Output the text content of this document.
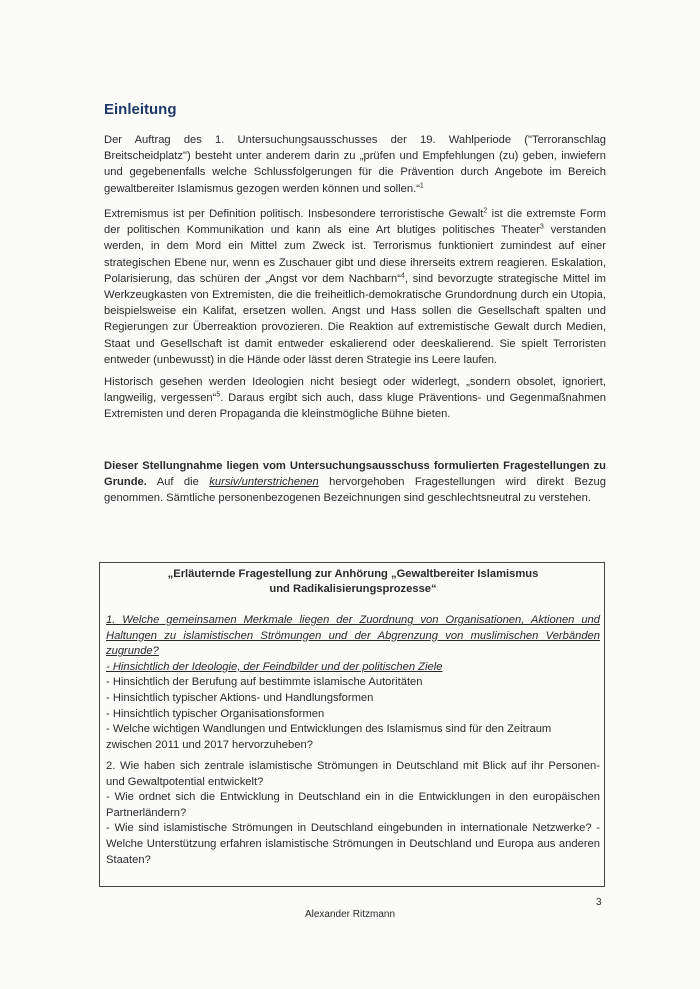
Einleitung

Der Auftrag des 1. Untersuchungsausschusses der 19. Wahlperiode ("Terroranschlag Breitscheidplatz") besteht unter anderem darin zu „prüfen und Empfehlungen (zu) geben, inwiefern und gegebenenfalls welche Schlussfolgerungen für die Prävention durch Angebote im Bereich gewaltbereiter Islamismus gezogen werden können und sollen.“$^1$

Extremismus ist per Definition politisch. Insbesondere terroristische Gewalt$^2$ ist die extremste Form der politischen Kommunikation und kann als eine Art blutiges politisches Theater$^3$ verstanden werden, in dem Mord ein Mittel zum Zweck ist. Terrorismus funktioniert zumindest auf einer strategischen Ebene nur, wenn es Zuschauer gibt und diese ihrerseits extrem reagieren. Eskalation, Polarisierung, das schüren der „Angst vor dem Nachbarn“$^4$, sind bevorzugte strategische Mittel im Werkzeugkasten von Extremisten, die die freiheitlich-demokratische Grundordnung durch ein Utopia, beispielsweise ein Kalifat, ersetzen wollen. Angst und Hass sollen die Gesellschaft spalten und Regierungen zur Überreaktion provozieren. Die Reaktion auf extremistische Gewalt durch Medien, Staat und Gesellschaft ist damit entweder eskalierend oder deeskalierend. Sie spielt Terroristen entweder (unbewusst) in die Hände oder lässt deren Strategie ins Leere laufen.

Historisch gesehen werden Ideologien nicht besiegt oder widerlegt, „sondern obsolet, ignoriert, langweilig, vergessen“$^5$. Daraus ergibt sich auch, dass kluge Präventions- und Gegenmaßnahmen Extremisten und deren Propaganda die kleinstmögliche Bühne bieten.

Dieser Stellungnahme liegen vom Untersuchungsausschuss formulierten Fragestellungen zu Grunde. Auf die kursiv/unterstrichenen hervorgehoben Fragestellungen wird direkt Bezug genommen. Sämtliche personenbezogenen Bezeichnungen sind geschlechtsneutral zu verstehen.

„Erläuternde Fragestellung zur Anhörung „Gewaltbereiter Islamismus und Radikalisierungsprozesse“

1. Welche gemeinsamen Merkmale liegen der Zuordnung von Organisationen, Aktionen und Haltungen zu islamistischen Strömungen und der Abgrenzung von muslimischen Verbänden zugrunde?
- Hinsichtlich der Ideologie, der Feindbilder und der politischen Ziele
- Hinsichtlich der Berufung auf bestimmte islamische Autoritäten
- Hinsichtlich typischer Aktions- und Handlungsformen
- Hinsichtlich typischer Organisationsformen
- Welche wichtigen Wandlungen und Entwicklungen des Islamismus sind für den Zeitraum zwischen 2011 und 2017 hervorzuheben?
2. Wie haben sich zentrale islamistische Strömungen in Deutschland mit Blick auf ihr Personen- und Gewaltpotential entwickelt?
- Wie ordnet sich die Entwicklung in Deutschland ein in die Entwicklungen in den europäischen Partnerländern?
- Wie sind islamistische Strömungen in Deutschland eingebunden in internationale Netzwerke? - Welche Unterstützung erfahren islamistische Strömungen in Deutschland und Europa aus anderen Staaten?

3

Alexander Ritzmann
